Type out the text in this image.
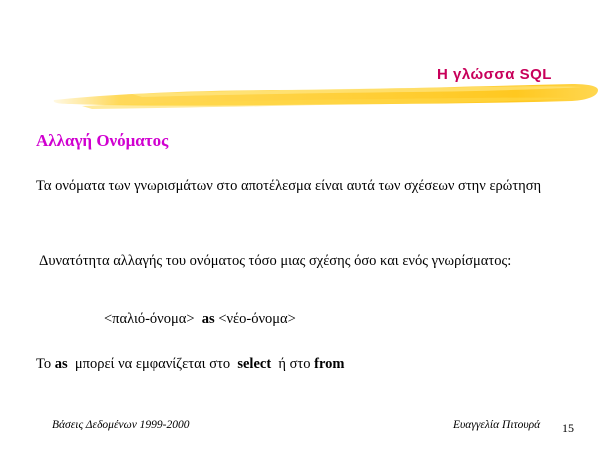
Η γλώσσα SQL
Αλλαγή Ονόματος
Τα ονόματα των γνωρισμάτων στο αποτέλεσμα είναι αυτά των σχέσεων στην ερώτηση
Δυνατότητα αλλαγής του ονόματος τόσο μιας σχέσης όσο και ενός γνωρίσματος:
<παλιό-όνομα> as <νέο-όνομα>
Το as μπορεί να εμφανίζεται στο select ή στο from
Βάσεις Δεδομένων 1999-2000	Ευαγγελία Πιτουρά 15
